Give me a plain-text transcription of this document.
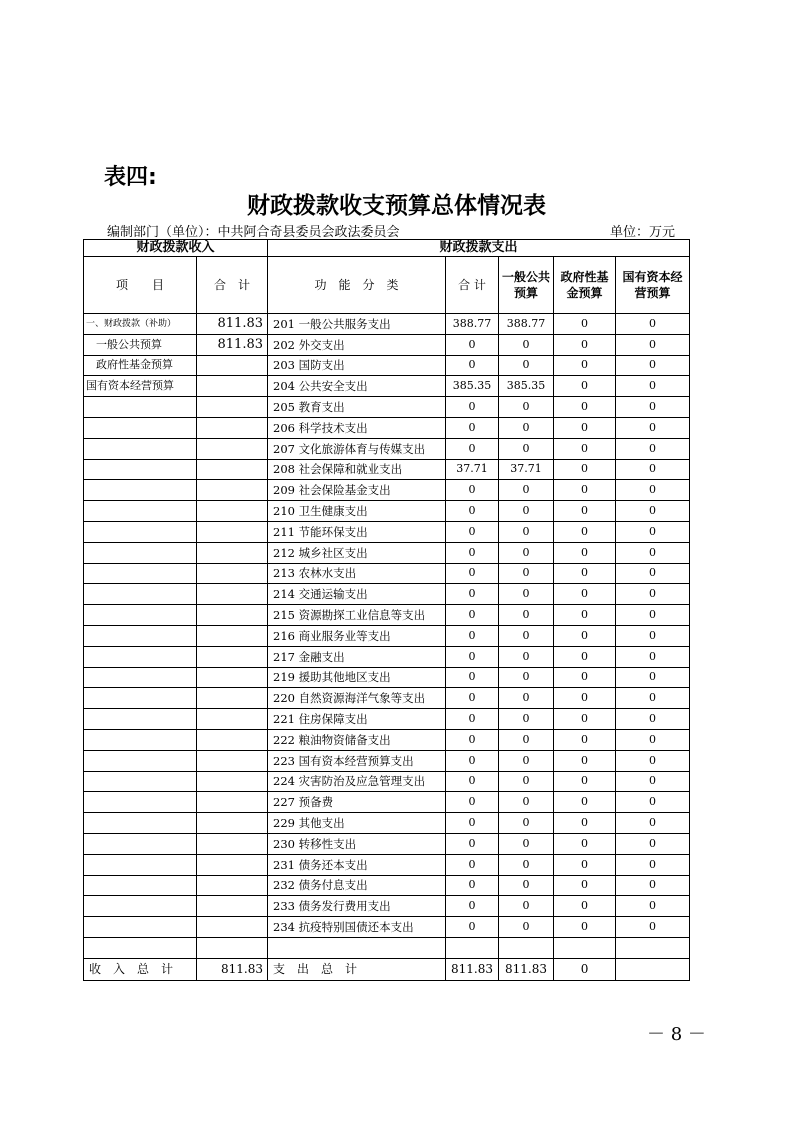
表四:
财政拨款收支预算总体情况表
编制部门（单位）：中共阿合奇县委员会政法委员会	单位：万元
财政拨款收入		财政拨款支出				
项　　目	合　计	功　能　分　类	合 计	一般公共预算	政府性基金预算	国有资本经营预算
一、财政拨款（补助）	811.83	201 一般公共服务支出	388.77	388.77	0	0
一般公共预算	811.83	202 外交支出	0	0	0	0
政府性基金预算		203 国防支出	0	0	0	0
国有资本经营预算		204 公共安全支出	385.35	385.35	0	0
		205 教育支出	0	0	0	0
		206 科学技术支出	0	0	0	0
		207 文化旅游体育与传媒支出	0	0	0	0
		208 社会保障和就业支出	37.71	37.71	0	0
		209 社会保险基金支出	0	0	0	0
		210 卫生健康支出	0	0	0	0
		211 节能环保支出	0	0	0	0
		212 城乡社区支出	0	0	0	0
		213 农林水支出	0	0	0	0
		214 交通运输支出	0	0	0	0
		215 资源勘探工业信息等支出	0	0	0	0
		216 商业服务业等支出	0	0	0	0
		217 金融支出	0	0	0	0
		219 援助其他地区支出	0	0	0	0
		220 自然资源海洋气象等支出	0	0	0	0
		221 住房保障支出	0	0	0	0
		222 粮油物资储备支出	0	0	0	0
		223 国有资本经营预算支出	0	0	0	0
		224 灾害防治及应急管理支出	0	0	0	0
		227 预备费	0	0	0	0
		229 其他支出	0	0	0	0
		230 转移性支出	0	0	0	0
		231 债务还本支出	0	0	0	0
		232 债务付息支出	0	0	0	0
		233 债务发行费用支出	0	0	0	0
		234 抗疫特别国债还本支出	0	0	0	0

收　入　总　计	811.83	支　出　总　计	811.83	811.83	0	
－ 8 －
